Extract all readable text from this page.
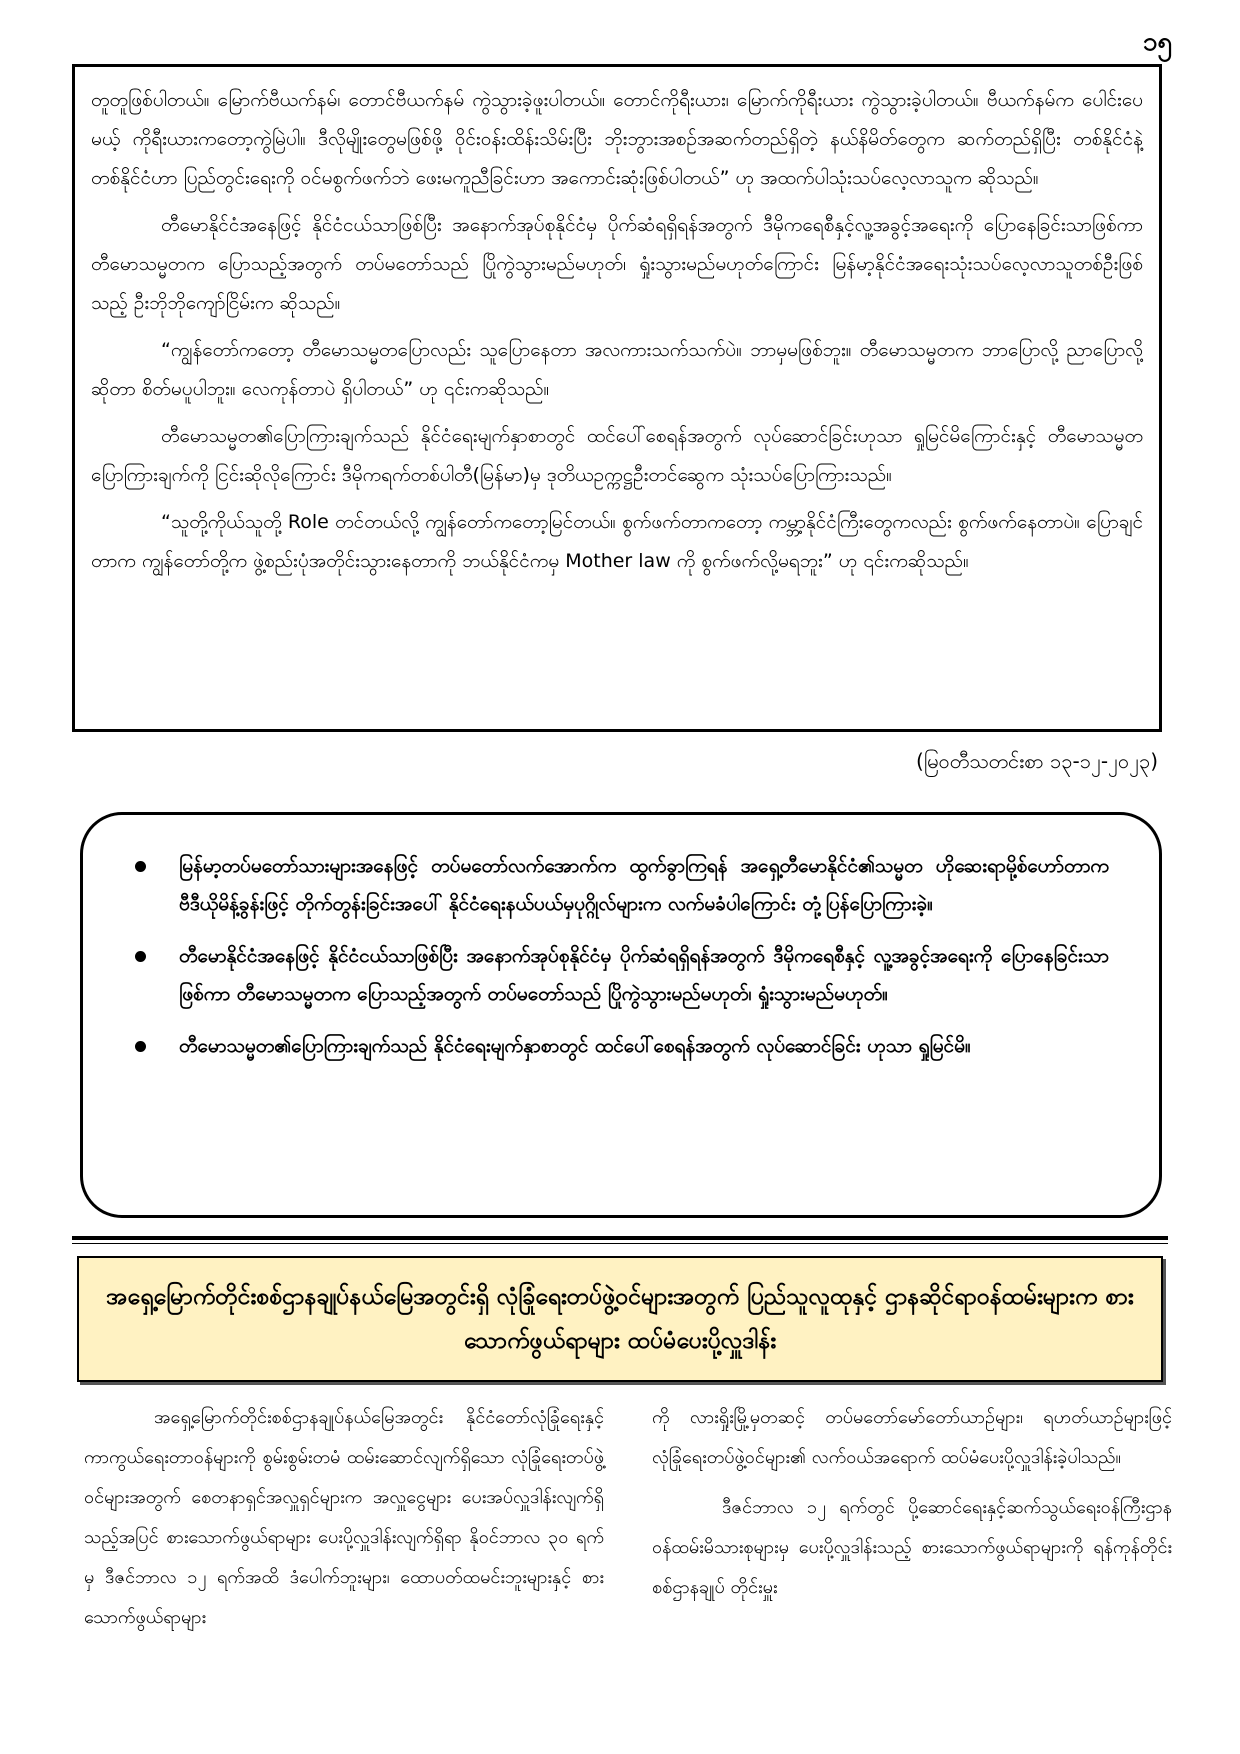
၁၅

တူတူဖြစ်ပါတယ်။ မြောက်ဗီယက်နမ်၊ တောင်ဗီယက်နမ် ကွဲသွားခဲ့ဖူးပါတယ်။ တောင်ကိုရီးယား၊ မြောက်ကိုရီးယား ကွဲသွားခဲ့ပါတယ်။ ဗီယက်နမ်က ပေါင်းပေမယ့် ကိုရီးယားကတော့ကွဲမြဲပါ။ ဒီလိုမျိုးတွေမဖြစ်ဖို့ ဝိုင်းဝန်းထိန်းသိမ်းပြီး ဘိုးဘွားအစဉ်အဆက်တည်ရှိတဲ့ နယ်နိမိတ်တွေက ဆက်တည်ရှိပြီး တစ်နိုင်ငံနဲ့တစ်နိုင်ငံဟာ ပြည်တွင်းရေးကို ဝင်မစွက်ဖက်ဘဲ ဖေးမကူညီခြင်းဟာ အကောင်းဆုံးဖြစ်ပါတယ်” ဟု အထက်ပါသုံးသပ်လေ့လာသူက ဆိုသည်။

တီမောနိုင်ငံအနေဖြင့် နိုင်ငံငယ်သာဖြစ်ပြီး အနောက်အုပ်စုနိုင်ငံမှ ပိုက်ဆံရရှိရန်အတွက် ဒီမိုကရေစီနှင့်လူ့အခွင့်အရေးကို ပြောနေခြင်းသာဖြစ်ကာ တီမောသမ္မတက ပြောသည့်အတွက် တပ်မတော်သည် ပြိုကွဲသွားမည်မဟုတ်၊ ရှုံးသွားမည်မဟုတ်ကြောင်း မြန်မာ့နိုင်ငံအရေးသုံးသပ်လေ့လာသူတစ်ဦးဖြစ်သည့် ဦးဘိုဘိုကျော်ငြိမ်းက ဆိုသည်။

“ကျွန်တော်ကတော့ တီမောသမ္မတပြောလည်း သူပြောနေတာ အလကားသက်သက်ပဲ။ ဘာမှမဖြစ်ဘူး။ တီမောသမ္မတက ဘာပြောလို့ ညာပြောလို့ဆိုတာ စိတ်မပူပါဘူး။ လေကုန်တာပဲ ရှိပါတယ်” ဟု ၎င်းကဆိုသည်။

တီမောသမ္မတ၏ပြောကြားချက်သည် နိုင်ငံရေးမျက်နှာစာတွင် ထင်ပေါ်စေရန်အတွက် လုပ်ဆောင်ခြင်းဟုသာ ရှုမြင်မိကြောင်းနှင့် တီမောသမ္မတပြောကြားချက်ကို ငြင်းဆိုလိုကြောင်း ဒီမိုကရက်တစ်ပါတီ(မြန်မာ)မှ ဒုတိယဥက္ကဋ္ဌဦးတင်ဆွေက သုံးသပ်ပြောကြားသည်။

“သူတို့ကိုယ်သူတို့ Role တင်တယ်လို့ ကျွန်တော်ကတော့မြင်တယ်။ စွက်ဖက်တာကတော့ ကမ္ဘာ့နိုင်ငံကြီးတွေကလည်း စွက်ဖက်နေတာပဲ။ ပြောချင်တာက ကျွန်တော်တို့က ဖွဲ့စည်းပုံအတိုင်းသွားနေတာကို ဘယ်နိုင်ငံကမှ Mother law ကို စွက်ဖက်လို့မရဘူး” ဟု ၎င်းကဆိုသည်။

(မြဝတီသတင်းစာ ၁၃-၁၂-၂၀၂၃)
မြန်မာ့တပ်မတော်သားများအနေဖြင့် တပ်မတော်လက်အောက်က ထွက်ခွာကြရန် အရှေ့တီမောနိုင်ငံ၏သမ္မတ ဟိုဆေးရာမို့စ်ဟော်တာက ဗီဒီယိုမိန့်ခွန်းဖြင့် တိုက်တွန်းခြင်းအပေါ် နိုင်ငံရေးနယ်ပယ်မှပုဂ္ဂိုလ်များက လက်မခံပါကြောင်း တုံ့ပြန်ပြောကြားခဲ့။
တီမောနိုင်ငံအနေဖြင့် နိုင်ငံငယ်သာဖြစ်ပြီး အနောက်အုပ်စုနိုင်ငံမှ ပိုက်ဆံရရှိရန်အတွက် ဒီမိုကရေစီနှင့် လူ့အခွင့်အရေးကို ပြောနေခြင်းသာဖြစ်ကာ တီမောသမ္မတက ပြောသည့်အတွက် တပ်မတော်သည် ပြိုကွဲသွားမည်မဟုတ်၊ ရှုံးသွားမည်မဟုတ်။
တီမောသမ္မတ၏ပြောကြားချက်သည် နိုင်ငံရေးမျက်နှာစာတွင် ထင်ပေါ်စေရန်အတွက် လုပ်ဆောင်ခြင်း ဟုသာ ရှုမြင်မိ။
အရှေ့မြောက်တိုင်းစစ်ဌာနချုပ်နယ်မြေအတွင်းရှိ လုံခြုံရေးတပ်ဖွဲ့ဝင်များအတွက် ပြည်သူလူထုနှင့် ဌာနဆိုင်ရာဝန်ထမ်းများက စားသောက်ဖွယ်ရာများ ထပ်မံပေးပို့လှူဒါန်း

အရှေ့မြောက်တိုင်းစစ်ဌာနချုပ်နယ်မြေအတွင်း နိုင်ငံတော်လုံခြုံရေးနှင့် ကာကွယ်ရေးတာဝန်များကို စွမ်းစွမ်းတမံ ထမ်းဆောင်လျက်ရှိသော လုံခြုံရေးတပ်ဖွဲ့ဝင်များအတွက် စေတနာရှင်အလှူရှင်များက အလှူငွေများ ပေးအပ်လှူဒါန်းလျက်ရှိသည့်အပြင် စားသောက်ဖွယ်ရာများ ပေးပို့လှူဒါန်းလျက်ရှိရာ နိုဝင်ဘာလ ၃၀ ရက်မှ ဒီဇင်ဘာလ ၁၂ ရက်အထိ ဒံပေါက်ဘူးများ၊ ထောပတ်ထမင်းဘူးများနှင့် စားသောက်ဖွယ်ရာများ

ကို လားရှိုးမြို့မှတဆင့် တပ်မတော်မော်တော်ယာဉ်များ၊ ရဟတ်ယာဉ်များဖြင့် လုံခြုံရေးတပ်ဖွဲ့ဝင်များ၏ လက်ဝယ်အရောက် ထပ်မံပေးပို့လှူဒါန်းခဲ့ပါသည်။

ဒီဇင်ဘာလ ၁၂ ရက်တွင် ပို့ဆောင်ရေးနှင့်ဆက်သွယ်ရေးဝန်ကြီးဌာန ဝန်ထမ်းမိသားစုများမှ ပေးပို့လှူဒါန်းသည့် စားသောက်ဖွယ်ရာများကို ရန်ကုန်တိုင်းစစ်ဌာနချုပ် တိုင်းမှူး
